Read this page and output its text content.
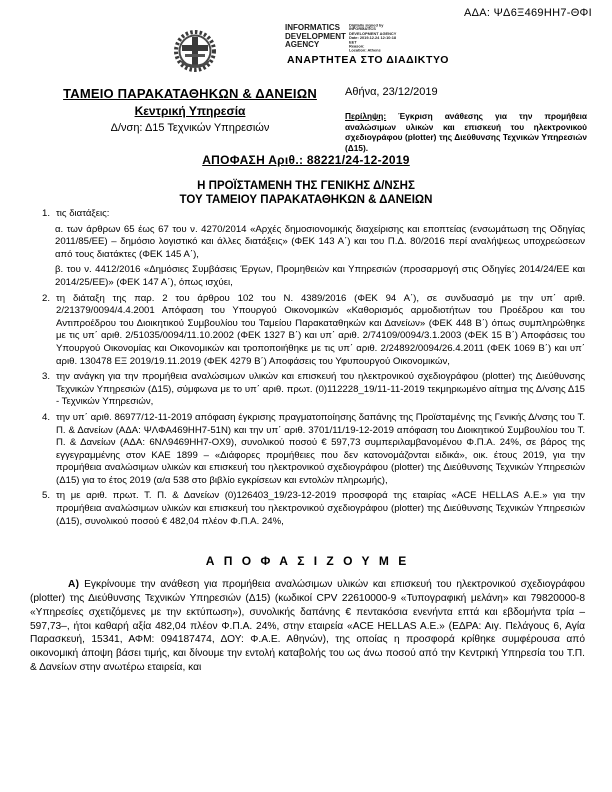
ΑΔΑ: ΨΔ6Ξ469ΗΗ7-ΘΦΙ
INFORMATICS DEVELOPMENT AGENCY
Digitally signed by
INFORMATICS
DEVELOPMENT AGENCY
Date: 2019.12.24 12:10:18
EET
Reason:
Location: Athens
ΑΝΑΡΤΗΤΕΑ ΣΤΟ ΔΙΑΔΙΚΤΥΟ
ΤΑΜΕΙΟ ΠΑΡΑΚΑΤΑΘΗΚΩΝ & ΔΑΝΕΙΩΝ
Κεντρική Υπηρεσία
Δ/νση: Δ15 Τεχνικών Υπηρεσιών
Αθήνα, 23/12/2019
Περίληψη: Έγκριση ανάθεσης για την προμήθεια αναλώσιμων υλικών και επισκευή του ηλεκτρονικού σχεδιογράφου (plotter) της Διεύθυνσης Τεχνικών Υπηρεσιών (Δ15).
ΑΠΟΦΑΣΗ Αριθ.: 88221/24-12-2019
Η ΠΡΟΪΣΤΑΜΕΝΗ ΤΗΣ ΓΕΝΙΚΗΣ Δ/ΝΣΗΣ
ΤΟΥ ΤΑΜΕΙΟΥ ΠΑΡΑΚΑΤΑΘΗΚΩΝ & ΔΑΝΕΙΩΝ
1. τις διατάξεις:
α. των άρθρων 65 έως 67 του ν. 4270/2014 «Αρχές δημοσιονομικής διαχείρισης και εποπτείας (ενσωμάτωση της Οδηγίας 2011/85/ΕΕ) – δημόσιο λογιστικό και άλλες διατάξεις» (ΦΕΚ 143 Α΄) και του Π.Δ. 80/2016 περί αναλήψεως υποχρεώσεων από τους διατάκτες (ΦΕΚ 145 Α΄),
β. του ν. 4412/2016 «Δημόσιες Συμβάσεις Έργων, Προμηθειών και Υπηρεσιών (προσαρμογή στις Οδηγίες 2014/24/ΕΕ και 2014/25/ΕΕ)» (ΦΕΚ 147 Α΄), όπως ισχύει,
2. τη διάταξη της παρ. 2 του άρθρου 102 του Ν. 4389/2016 (ΦΕΚ 94 Α΄), σε συνδυασμό με την υπ΄ αριθ. 2/21379/0094/4.4.2001 Απόφαση του Υπουργού Οικονομικών «Καθορισμός αρμοδιοτήτων του Προέδρου και του Αντιπροέδρου του Διοικητικού Συμβουλίου του Ταμείου Παρακαταθηκών και Δανείων» (ΦΕΚ 448 Β΄) όπως συμπληρώθηκε με τις υπ΄ αριθ. 2/51035/0094/11.10.2002 (ΦΕΚ 1327 Β΄) και υπ΄ αριθ. 2/74109/0094/3.1.2003 (ΦΕΚ 15 Β΄) Αποφάσεις του Υπουργού Οικονομίας και Οικονομικών και τροποποιήθηκε με τις υπ΄ αριθ. 2/24892/0094/26.4.2011 (ΦΕΚ 1069 Β΄) και υπ΄ αριθ. 130478 ΕΞ 2019/19.11.2019 (ΦΕΚ 4279 Β΄) Αποφάσεις του Υφυπουργού Οικονομικών,
3. την ανάγκη για την προμήθεια αναλώσιμων υλικών και επισκευή του ηλεκτρονικού σχεδιογράφου (plotter) της Διεύθυνσης Τεχνικών Υπηρεσιών (Δ15), σύμφωνα με το υπ΄ αριθ. πρωτ. (0)112228_19/11-11-2019 τεκμηριωμένο αίτημα της Δ/νσης Δ15 - Τεχνικών Υπηρεσιών,
4. την υπ΄ αριθ. 86977/12-11-2019 απόφαση έγκρισης πραγματοποίησης δαπάνης της Προϊσταμένης της Γενικής Δ/νσης του Τ. Π. & Δανείων (ΑΔΑ: ΨΛΦΑ469ΗΗ7-51Ν) και την υπ΄ αριθ. 3701/11/19-12-2019 απόφαση του Διοικητικού Συμβουλίου του Τ. Π. & Δανείων (ΑΔΑ: 6ΝΛ9469ΗΗ7-ΟΧ9), συνολικού ποσού € 597,73 συμπεριλαμβανομένου Φ.Π.Α. 24%, σε βάρος της εγγεγραμμένης στον ΚΑΕ 1899 – «Διάφορες προμήθειες που δεν κατονομάζονται ειδικά», οικ. έτους 2019, για την προμήθεια αναλώσιμων υλικών και επισκευή του ηλεκτρονικού σχεδιογράφου (plotter) της Διεύθυνσης Τεχνικών Υπηρεσιών (Δ15) για το έτος 2019 (α/α 538 στο βιβλίο εγκρίσεων και εντολών πληρωμής),
5. τη με αριθ. πρωτ. Τ. Π. & Δανείων (0)126403_19/23-12-2019 προσφορά της εταιρίας «ACE HELLAS A.E.» για την προμήθεια αναλώσιμων υλικών και επισκευή του ηλεκτρονικού σχεδιογράφου (plotter) της Διεύθυνσης Τεχνικών Υπηρεσιών (Δ15), συνολικού ποσού € 482,04 πλέον Φ.Π.Α. 24%,
Α Π Ο Φ Α Σ Ι Ζ Ο Υ Μ Ε

Α) Εγκρίνουμε την ανάθεση για προμήθεια αναλώσιμων υλικών και επισκευή του ηλεκτρονικού σχεδιογράφου (plotter) της Διεύθυνσης Τεχνικών Υπηρεσιών (Δ15) (κωδικοί CPV 22610000-9 «Τυπογραφική μελάνη» και 79820000-8 «Υπηρεσίες σχετιζόμενες με την εκτύπωση»), συνολικής δαπάνης € πεντακόσια ενενήντα επτά και εβδομήντα τρία –597,73–, ήτοι καθαρή αξία 482,04 πλέον Φ.Π.Α. 24%, στην εταιρεία «ACE HELLAS A.E.» (ΕΔΡΑ: Αιγ. Πελάγους 6, Αγία Παρασκευή, 15341, ΑΦΜ: 094187474, ΔΟΥ: Φ.Α.Ε. Αθηνών), της οποίας η προσφορά κρίθηκε συμφέρουσα από οικονομική άποψη βάσει τιμής, και δίνουμε την εντολή καταβολής του ως άνω ποσού από την Κεντρική Υπηρεσία του Τ.Π. & Δανείων στην ανωτέρω εταιρεία, και
